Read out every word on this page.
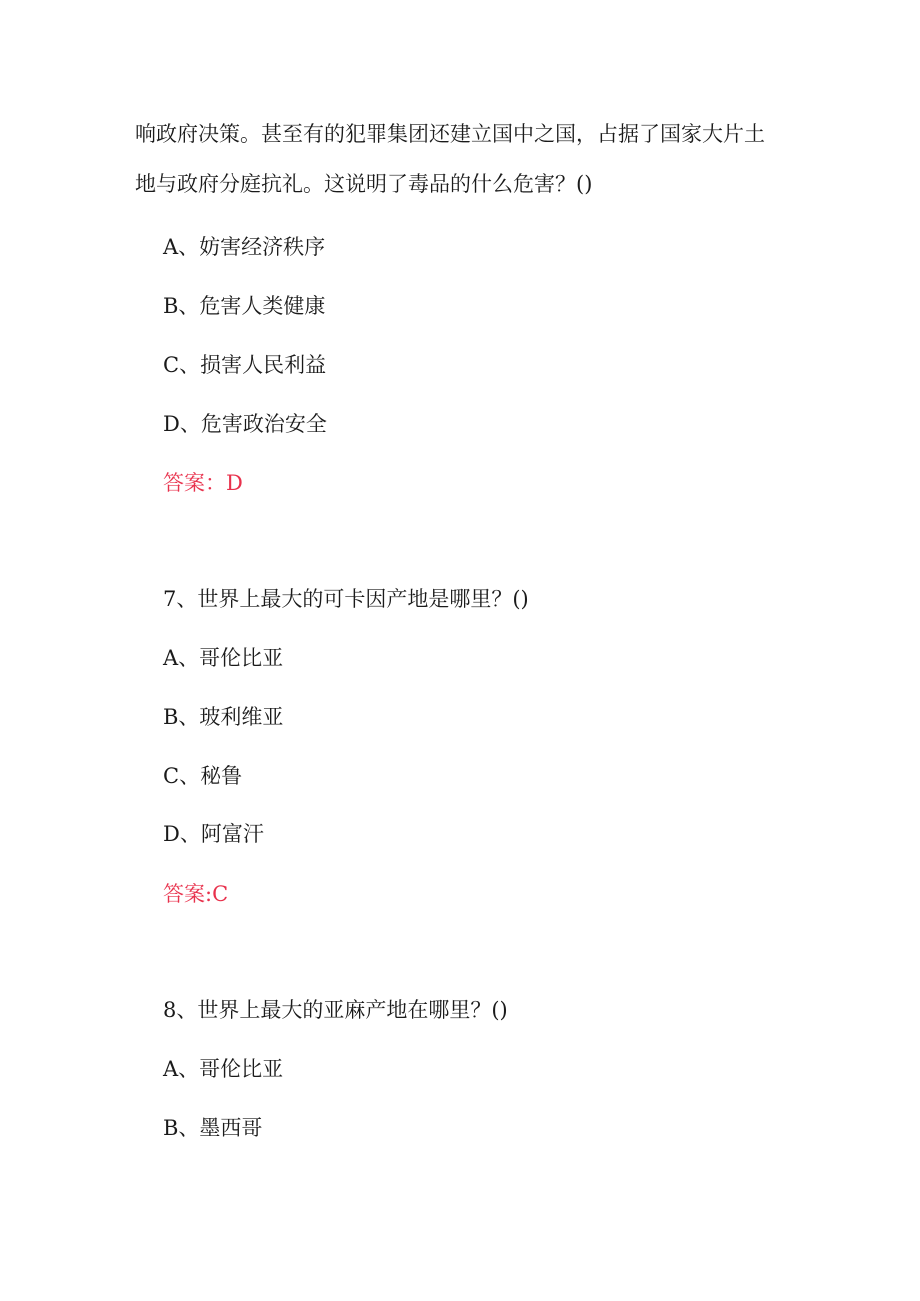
响政府决策。甚至有的犯罪集团还建立国中之国，占据了国家大片土
地与政府分庭抗礼。这说明了毒品的什么危害？()
A、妨害经济秩序
B、危害人类健康
C、损害人民利益
D、危害政治安全
答案：D
7、世界上最大的可卡因产地是哪里？()
A、哥伦比亚
B、玻利维亚
C、秘鲁
D、阿富汗
答案:C
8、世界上最大的亚麻产地在哪里？()
A、哥伦比亚
B、墨西哥
